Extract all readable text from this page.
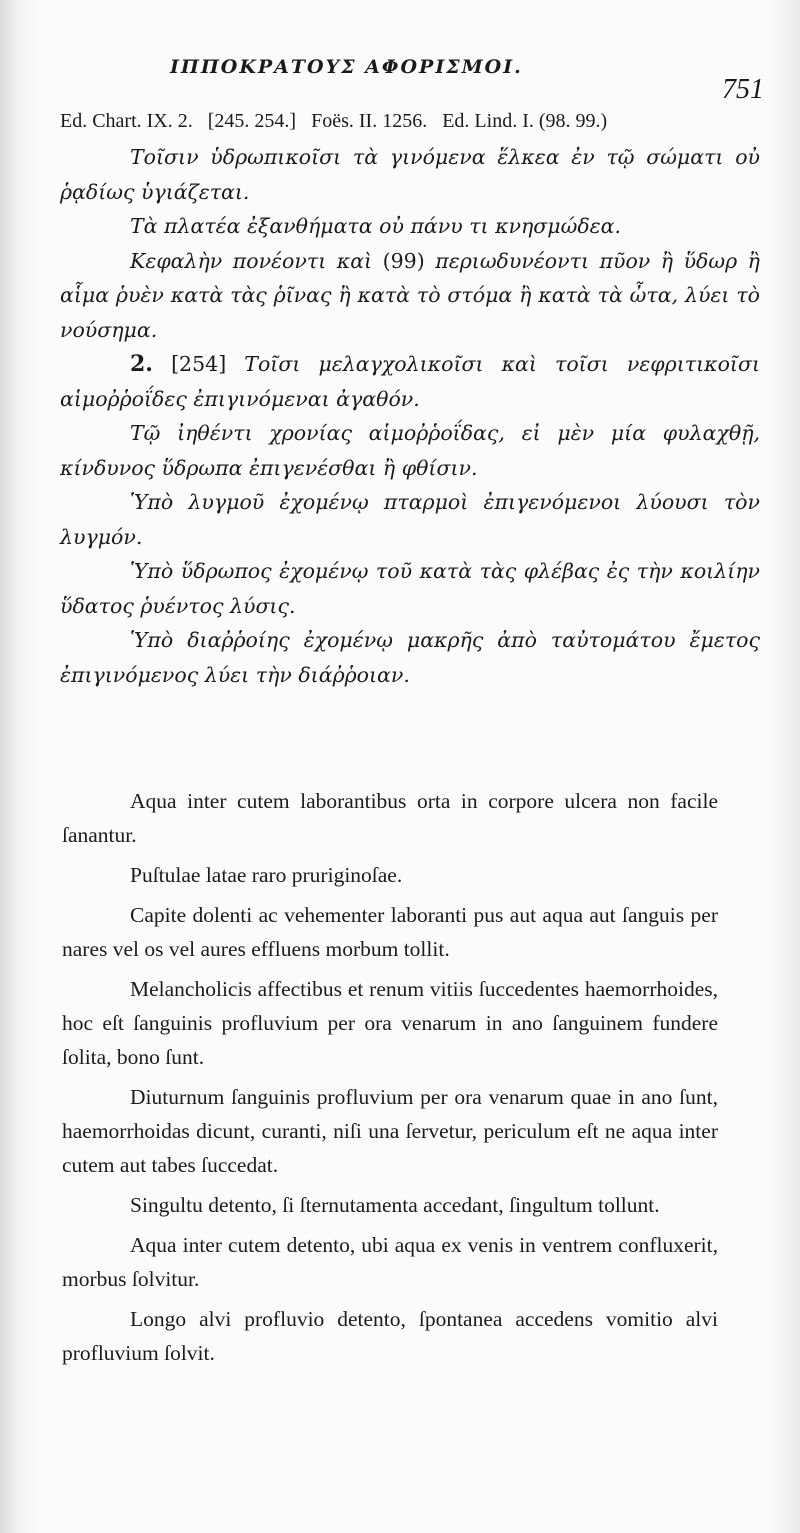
ΙΠΠΟΚΡΑΤΟΥΣ ΑΦΟΡΙΣΜΟΙ.
751
Ed. Chart. IX. 2. [245. 254.] Foës. II. 1256. Ed. Lind. I. (98. 99.)

Τοῖσιν ὑδρωπικοῖσι τὰ γινόμενα ἕλκεα ἐν τῷ σώματι οὐ ῥᾳδίως ὑγιάζεται.

Τὰ πλατέα ἐξανθήματα οὐ πάνυ τι κνησμώδεα.

Κεφαλὴν πονέοντι καὶ (99) περιωδυνέοντι πῦον ἢ ὕδωρ ἢ αἷμα ῥυὲν κατὰ τὰς ῥῖνας ἢ κατὰ τὸ στόμα ἢ κατὰ τὰ ὦτα, λύει τὸ νούσημα.

2. [254] Τοῖσι μελαγχολικοῖσι καὶ τοῖσι νεφριτικοῖσι αἱμοῤῥοΐδες ἐπιγινόμεναι ἀγαθόν.

Τῷ ἰηθέντι χρονίας αἱμοῤῥοΐδας, εἰ μὲν μία φυλαχθῇ, κίνδυνος ὕδρωπα ἐπιγενέσθαι ἢ φθίσιν.

Ὑπὸ λυγμοῦ ἐχομένῳ πταρμοὶ ἐπιγενόμενοι λύουσι τὸν λυγμόν.

Ὑπὸ ὕδρωπος ἐχομένῳ τοῦ κατὰ τὰς φλέβας ἐς τὴν κοιλίην ὕδατος ῥυέντος λύσις.

Ὑπὸ διαῤῥοίης ἐχομένῳ μακρῆς ἀπὸ ταὐτομάτου ἔμετος ἐπιγινόμενος λύει τὴν διάῤῥοιαν.

Aqua inter cutem laborantibus orta in corpore ulcera non facile ſanantur.

Puſtulae latae raro pruriginoſae.

Capite dolenti ac vehementer laboranti pus aut aqua aut ſanguis per nares vel os vel aures effluens morbum tollit.

Melancholicis affectibus et renum vitiis ſuccedentes haemorrhoides, hoc eſt ſanguinis profluvium per ora venarum in ano ſanguinem fundere ſolita, bono ſunt.

Diuturnum ſanguinis profluvium per ora venarum quae in ano ſunt, haemorrhoidas dicunt, curanti, niſi una ſervetur, periculum eſt ne aqua inter cutem aut tabes ſuccedat.

Singultu detento, ſi ſternutamenta accedant, ſingultum tollunt.

Aqua inter cutem detento, ubi aqua ex venis in ventrem confluxerit, morbus ſolvitur.

Longo alvi profluvio detento, ſpontanea accedens vomitio alvi profluvium ſolvit.
